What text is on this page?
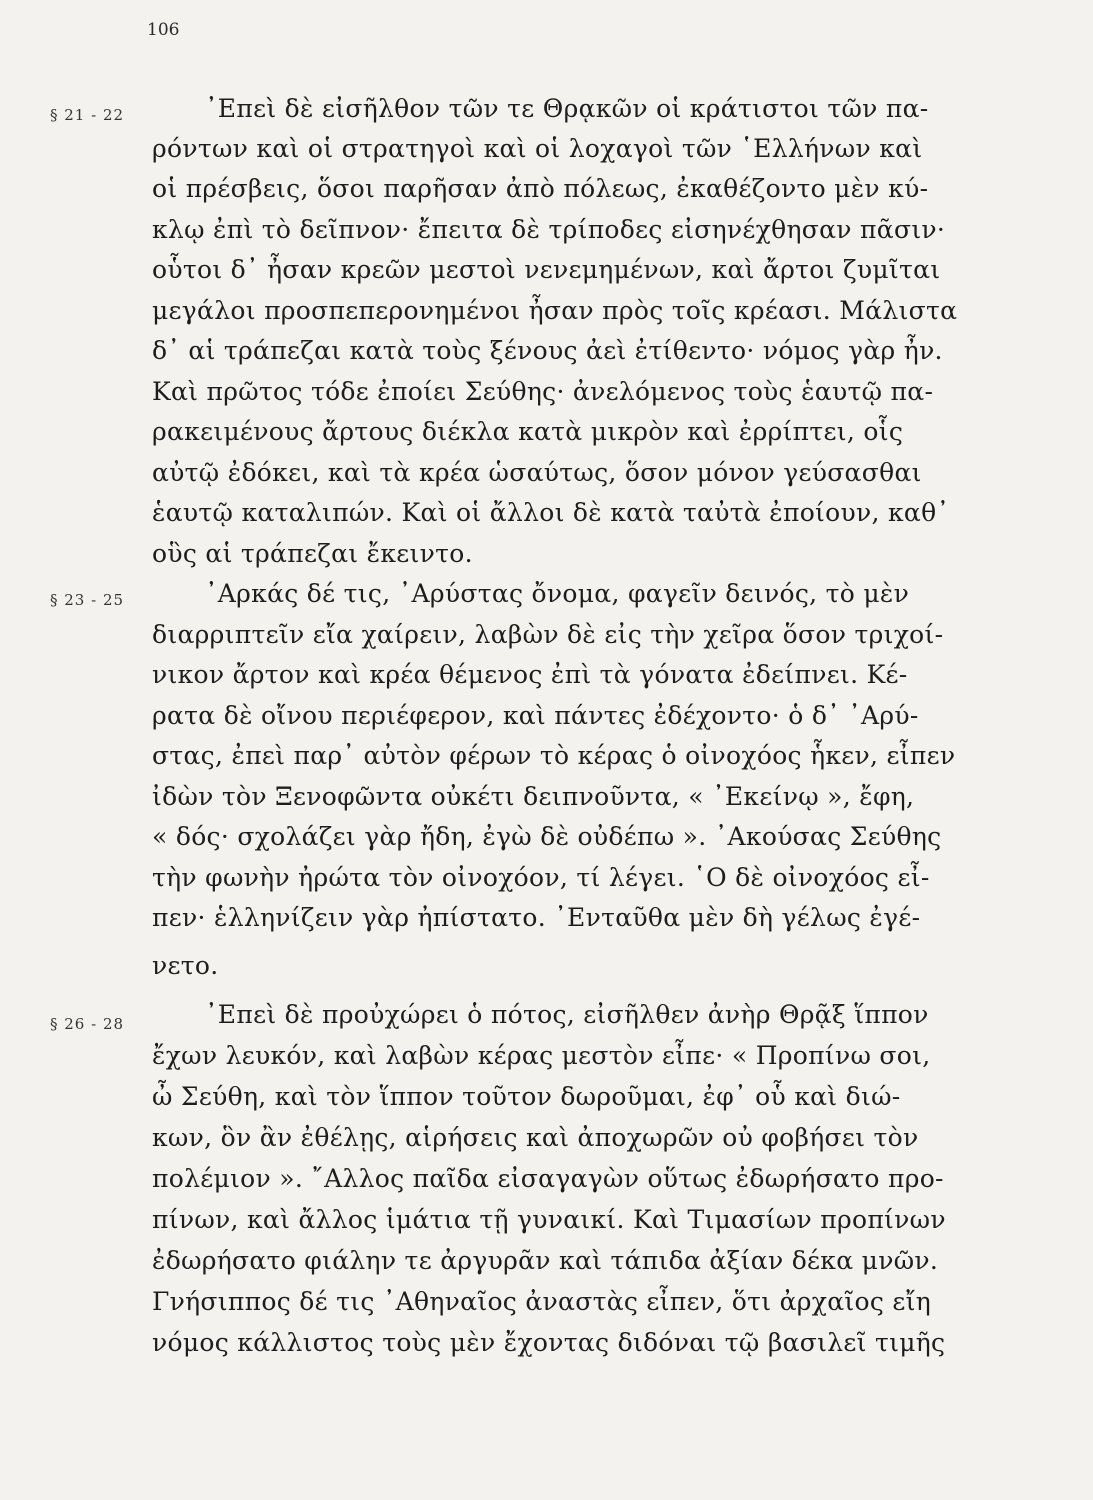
106
§ 21 - 22	᾿Επεὶ δὲ εἰσῆλθον τῶν τε Θρᾳκῶν οἱ κράτιστοι τῶν πα-
ρόντων καὶ οἱ στρατηγοὶ καὶ οἱ λοχαγοὶ τῶν ῾Ελλήνων καὶ
οἱ πρέσβεις, ὅσοι παρῆσαν ἀπὸ πόλεως, ἐκαθέζοντο μὲν κύ-
κλῳ ἐπὶ τὸ δεῖπνον· ἔπειτα δὲ τρίποδες εἰσηνέχθησαν πᾶσιν·
οὗτοι δ᾿ ἦσαν κρεῶν μεστοὶ νενεμημένων, καὶ ἄρτοι ζυμῖται
μεγάλοι προσπεπερονημένοι ἦσαν πρὸς τοῖς κρέασι. Μάλιστα
δ᾿ αἱ τράπεζαι κατὰ τοὺς ξένους ἀεὶ ἐτίθεντο· νόμος γὰρ ἦν.
Καὶ πρῶτος τόδε ἐποίει Σεύθης· ἀνελόμενος τοὺς ἑαυτῷ πα-
ρακειμένους ἄρτους διέκλα κατὰ μικρὸν καὶ ἐρρίπτει, οἷς
αὐτῷ ἐδόκει, καὶ τὰ κρέα ὡσαύτως, ὅσον μόνον γεύσασθαι
ἑαυτῷ καταλιπών. Καὶ οἱ ἄλλοι δὲ κατὰ ταὐτὰ ἐποίουν, καθ᾿
οὓς αἱ τράπεζαι ἔκειντο.
§ 23 - 25	᾿Αρκάς δέ τις, ᾿Αρύστας ὄνομα, φαγεῖν δεινός, τὸ μὲν
διαρριπτεῖν εἴα χαίρειν, λαβὼν δὲ εἰς τὴν χεῖρα ὅσον τριχοί-
νικον ἄρτον καὶ κρέα θέμενος ἐπὶ τὰ γόνατα ἐδείπνει. Κέ-
ρατα δὲ οἴνου περιέφερον, καὶ πάντες ἐδέχοντο· ὁ δ᾿ ᾿Αρύ-
στας, ἐπεὶ παρ᾿ αὐτὸν φέρων τὸ κέρας ὁ οἰνοχόος ἧκεν, εἶπεν
ἰδὼν τὸν Ξενοφῶντα οὐκέτι δειπνοῦντα, « ᾿Εκείνῳ », ἔφη,
« δός· σχολάζει γὰρ ἤδη, ἐγὼ δὲ οὐδέπω ». ᾿Ακούσας Σεύθης
τὴν φωνὴν ἠρώτα τὸν οἰνοχόον, τί λέγει. ῾Ο δὲ οἰνοχόος εἶ-
πεν· ἑλληνίζειν γὰρ ἠπίστατο. ᾿Ενταῦθα μὲν δὴ γέλως ἐγέ-
νετο.
§ 26 - 28	᾿Επεὶ δὲ προὐχώρει ὁ πότος, εἰσῆλθεν ἀνὴρ Θρᾷξ ἵππον
ἔχων λευκόν, καὶ λαβὼν κέρας μεστὸν εἶπε· « Προπίνω σοι,
ὦ Σεύθη, καὶ τὸν ἵππον τοῦτον δωροῦμαι, ἐφ᾿ οὗ καὶ διώ-
κων, ὃν ἂν ἐθέλῃς, αἱρήσεις καὶ ἀποχωρῶν οὐ φοβήσει τὸν
πολέμιον ». ῎Αλλος παῖδα εἰσαγαγὼν οὕτως ἐδωρήσατο προ-
πίνων, καὶ ἄλλος ἱμάτια τῇ γυναικί. Καὶ Τιμασίων προπίνων
ἐδωρήσατο φιάλην τε ἀργυρᾶν καὶ τάπιδα ἀξίαν δέκα μνῶν.
Γνήσιππος δέ τις ᾿Αθηναῖος ἀναστὰς εἶπεν, ὅτι ἀρχαῖος εἴη
νόμος κάλλιστος τοὺς μὲν ἔχοντας διδόναι τῷ βασιλεῖ τιμῆς
